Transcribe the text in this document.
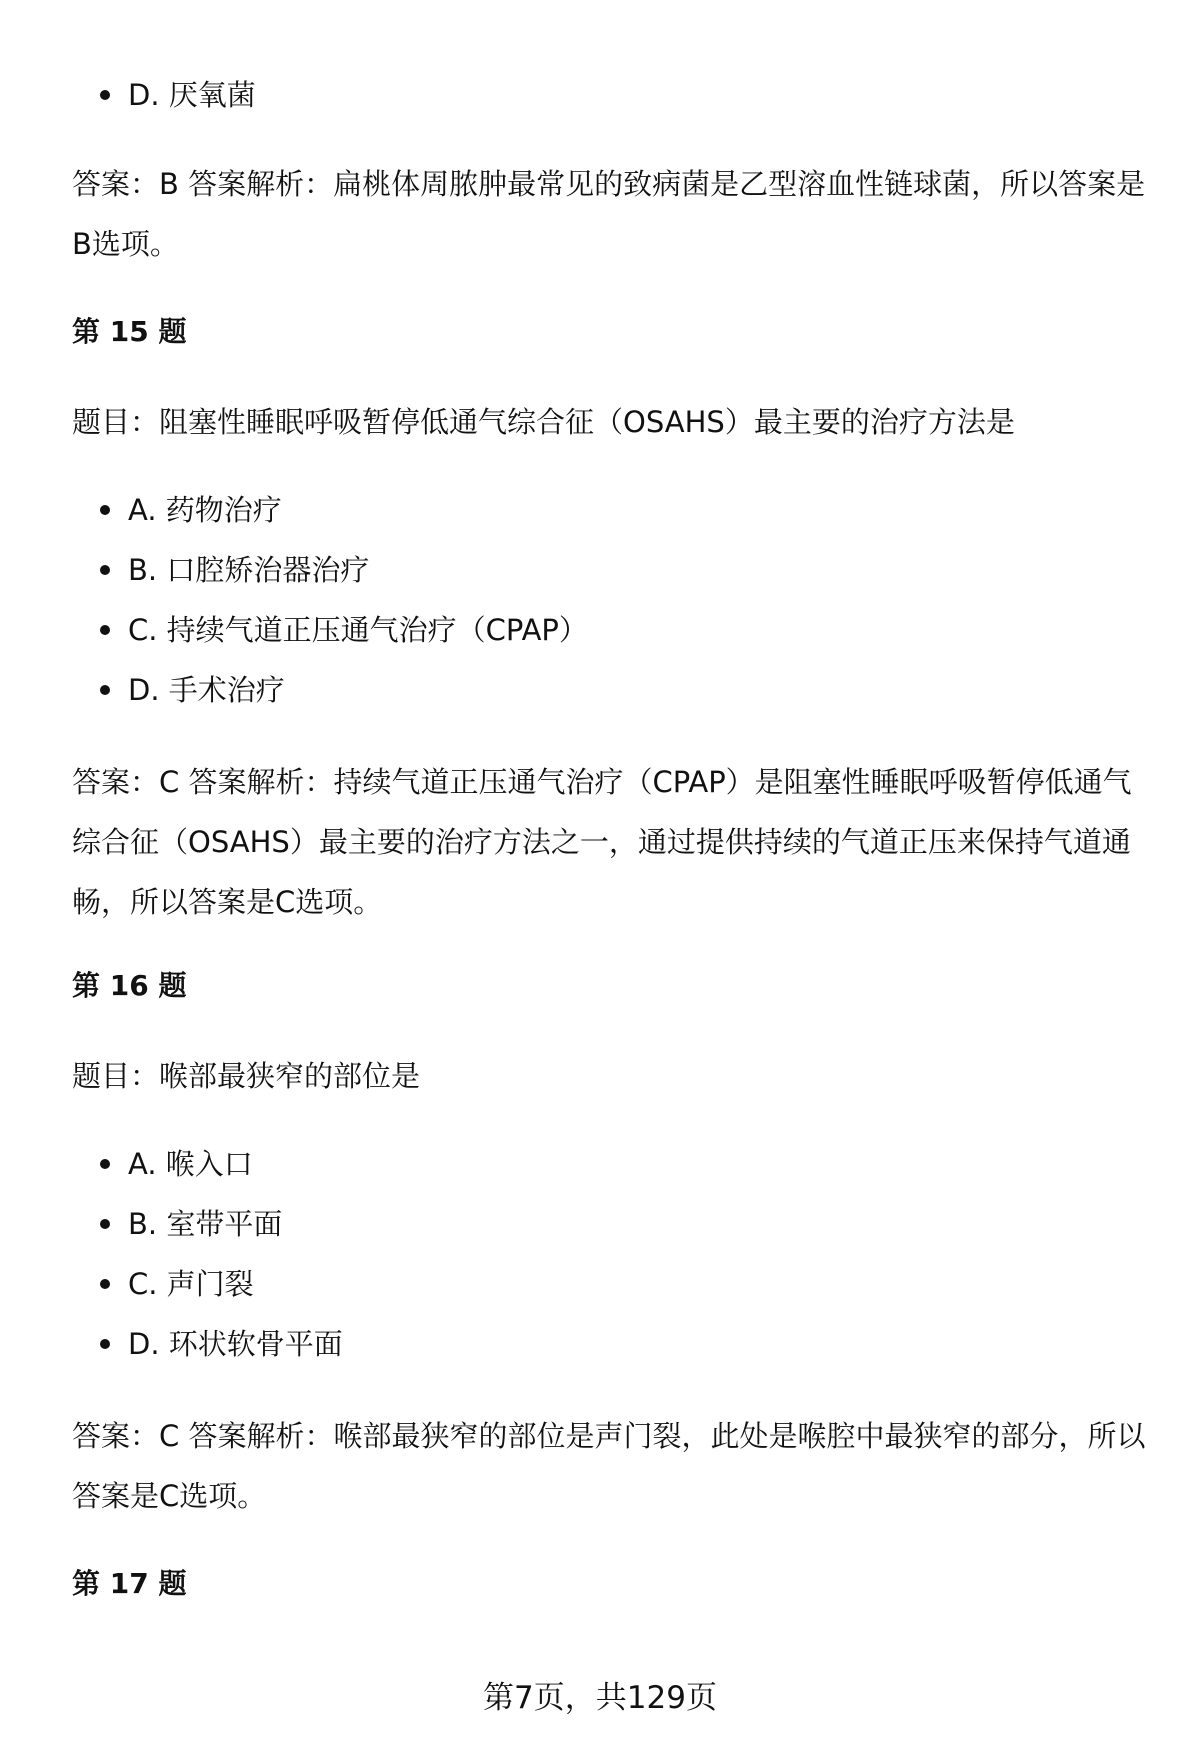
D. 厌氧菌
答案：B 答案解析：扁桃体周脓肿最常见的致病菌是乙型溶血性链球菌，所以答案是B选项。
第 15 题
题目：阻塞性睡眠呼吸暂停低通气综合征（OSAHS）最主要的治疗方法是
A. 药物治疗
B. 口腔矫治器治疗
C. 持续气道正压通气治疗（CPAP）
D. 手术治疗
答案：C 答案解析：持续气道正压通气治疗（CPAP）是阻塞性睡眠呼吸暂停低通气综合征（OSAHS）最主要的治疗方法之一，通过提供持续的气道正压来保持气道通畅，所以答案是C选项。
第 16 题
题目：喉部最狭窄的部位是
A. 喉入口
B. 室带平面
C. 声门裂
D. 环状软骨平面
答案：C 答案解析：喉部最狭窄的部位是声门裂，此处是喉腔中最狭窄的部分，所以答案是C选项。
第 17 题
第7页，共129页
